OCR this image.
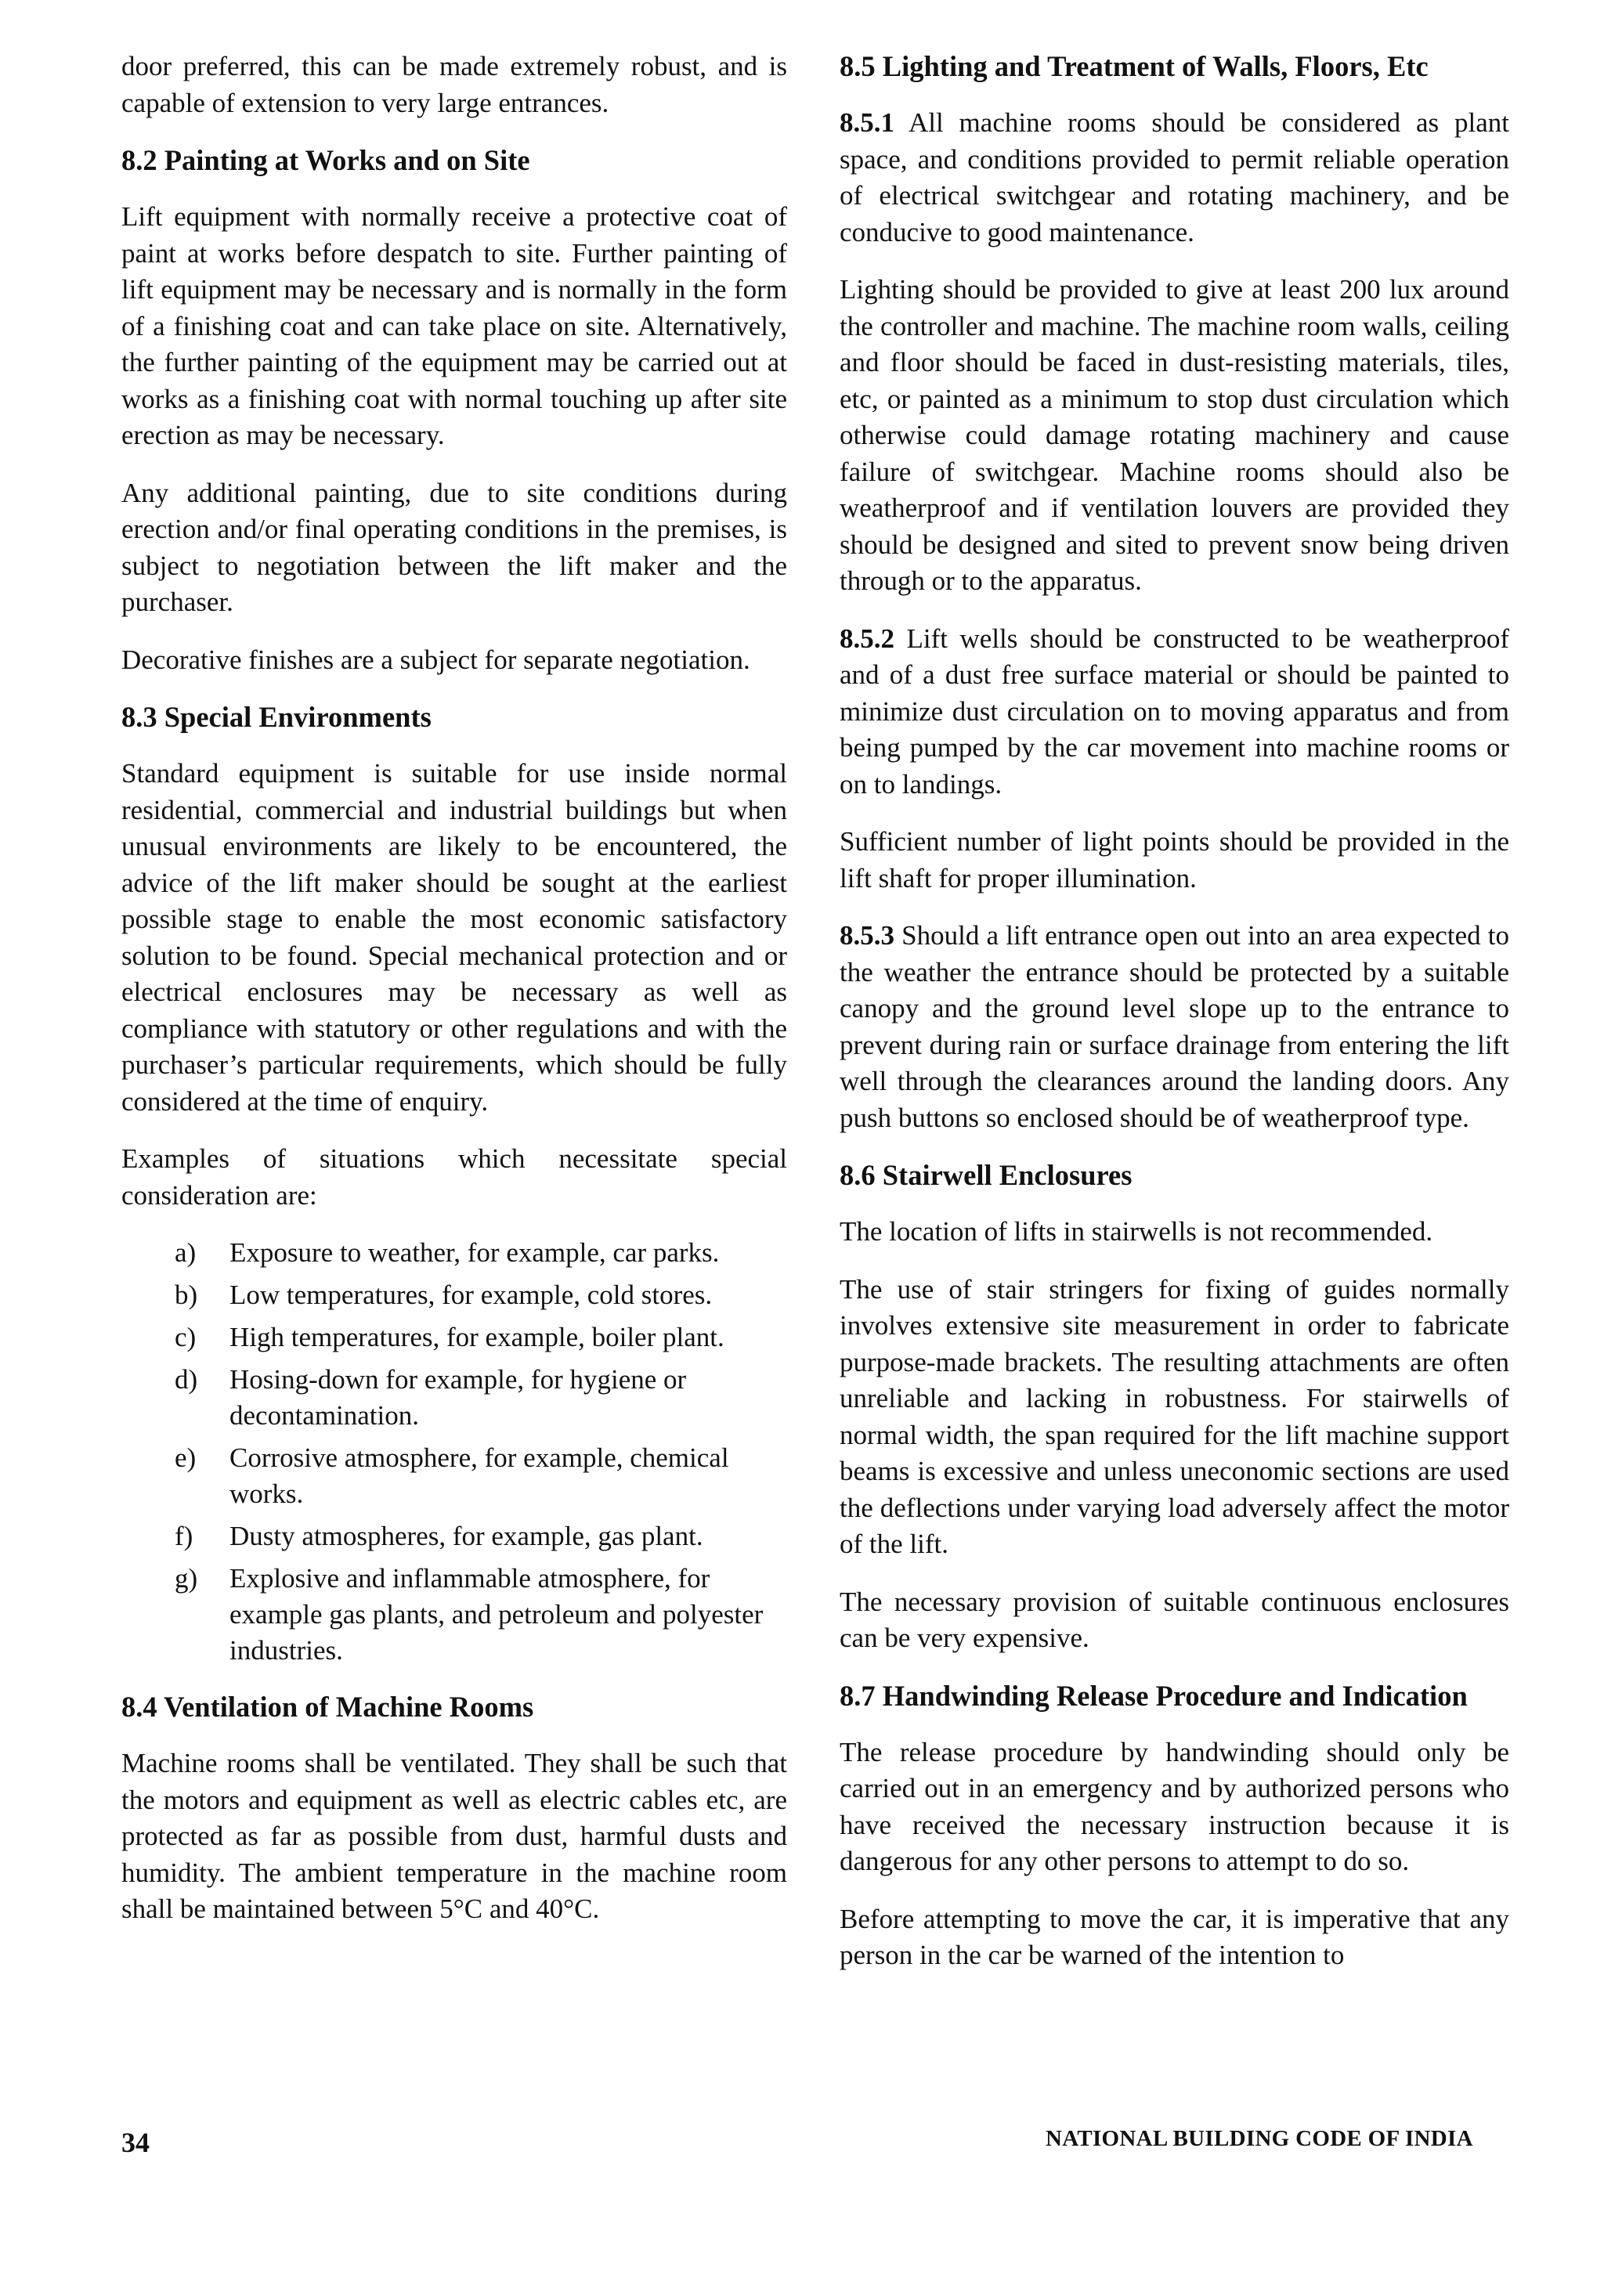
door preferred, this can be made extremely robust, and is capable of extension to very large entrances.

8.2 Painting at Works and on Site

Lift equipment with normally receive a protective coat of paint at works before despatch to site. Further painting of lift equipment may be necessary and is normally in the form of a finishing coat and can take place on site. Alternatively, the further painting of the equipment may be carried out at works as a finishing coat with normal touching up after site erection as may be necessary.

Any additional painting, due to site conditions during erection and/or final operating conditions in the premises, is subject to negotiation between the lift maker and the purchaser.

Decorative finishes are a subject for separate negotiation.

8.3 Special Environments

Standard equipment is suitable for use inside normal residential, commercial and industrial buildings but when unusual environments are likely to be encountered, the advice of the lift maker should be sought at the earliest possible stage to enable the most economic satisfactory solution to be found. Special mechanical protection and or electrical enclosures may be necessary as well as compliance with statutory or other regulations and with the purchaser’s particular requirements, which should be fully considered at the time of enquiry.

Examples of situations which necessitate special consideration are:

a)	Exposure to weather, for example, car parks.
b)	Low temperatures, for example, cold stores.
c)	High temperatures, for example, boiler plant.
d)	Hosing-down for example, for hygiene or decontamination.
e)	Corrosive atmosphere, for example, chemical works.
f)	Dusty atmospheres, for example, gas plant.
g)	Explosive and inflammable atmosphere, for example gas plants, and petroleum and polyester industries.
8.4 Ventilation of Machine Rooms

Machine rooms shall be ventilated. They shall be such that the motors and equipment as well as electric cables etc, are protected as far as possible from dust, harmful dusts and humidity. The ambient temperature in the machine room shall be maintained between 5°C and 40°C.

8.5 Lighting and Treatment of Walls, Floors, Etc

8.5.1 All machine rooms should be considered as plant space, and conditions provided to permit reliable operation of electrical switchgear and rotating machinery, and be conducive to good maintenance.

Lighting should be provided to give at least 200 lux around the controller and machine. The machine room walls, ceiling and floor should be faced in dust-resisting materials, tiles, etc, or painted as a minimum to stop dust circulation which otherwise could damage rotating machinery and cause failure of switchgear. Machine rooms should also be weatherproof and if ventilation louvers are provided they should be designed and sited to prevent snow being driven through or to the apparatus.

8.5.2 Lift wells should be constructed to be weatherproof and of a dust free surface material or should be painted to minimize dust circulation on to moving apparatus and from being pumped by the car movement into machine rooms or on to landings.

Sufficient number of light points should be provided in the lift shaft for proper illumination.

8.5.3 Should a lift entrance open out into an area expected to the weather the entrance should be protected by a suitable canopy and the ground level slope up to the entrance to prevent during rain or surface drainage from entering the lift well through the clearances around the landing doors. Any push buttons so enclosed should be of weatherproof type.

8.6 Stairwell Enclosures

The location of lifts in stairwells is not recommended.

The use of stair stringers for fixing of guides normally involves extensive site measurement in order to fabricate purpose-made brackets. The resulting attachments are often unreliable and lacking in robustness. For stairwells of normal width, the span required for the lift machine support beams is excessive and unless uneconomic sections are used the deflections under varying load adversely affect the motor of the lift.

The necessary provision of suitable continuous enclosures can be very expensive.

8.7 Handwinding Release Procedure and Indication

The release procedure by handwinding should only be carried out in an emergency and by authorized persons who have received the necessary instruction because it is dangerous for any other persons to attempt to do so.

Before attempting to move the car, it is imperative that any person in the car be warned of the intention to

34	NATIONAL BUILDING CODE OF INDIA
